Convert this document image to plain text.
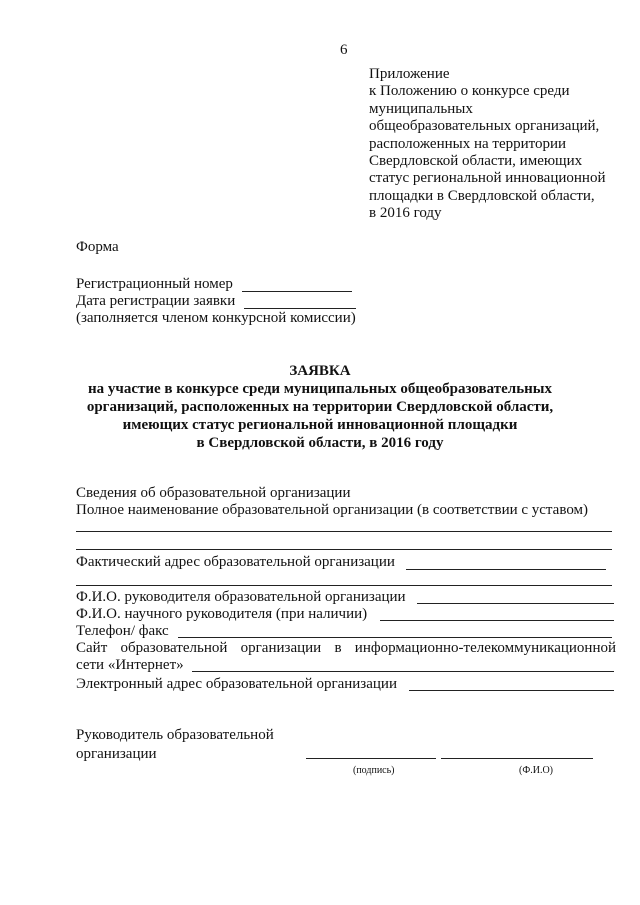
6
Приложение
к Положению о конкурсе среди
муниципальных
общеобразовательных организаций,
расположенных на территории
Свердловской области, имеющих
статус региональной инновационной
площадки в Свердловской области,
в 2016 году
Форма
Регистрационный номер
Дата регистрации заявки
(заполняется членом конкурсной комиссии)
ЗАЯВКА
на участие в конкурсе среди муниципальных общеобразовательных
организаций, расположенных на территории Свердловской области,
имеющих статус региональной инновационной площадки
в Свердловской области, в 2016 году
Сведения об образовательной организации
Полное наименование образовательной организации (в соответствии с уставом)
Фактический адрес образовательной организации
Ф.И.О. руководителя образовательной организации
Ф.И.О. научного руководителя (при наличии)
Телефон/ факс
Сайт образовательной организации в информационно-телекоммуникационной
сети «Интернет»
Электронный адрес образовательной организации
Руководитель образовательной
организации
(подпись)	(Ф.И.О)
